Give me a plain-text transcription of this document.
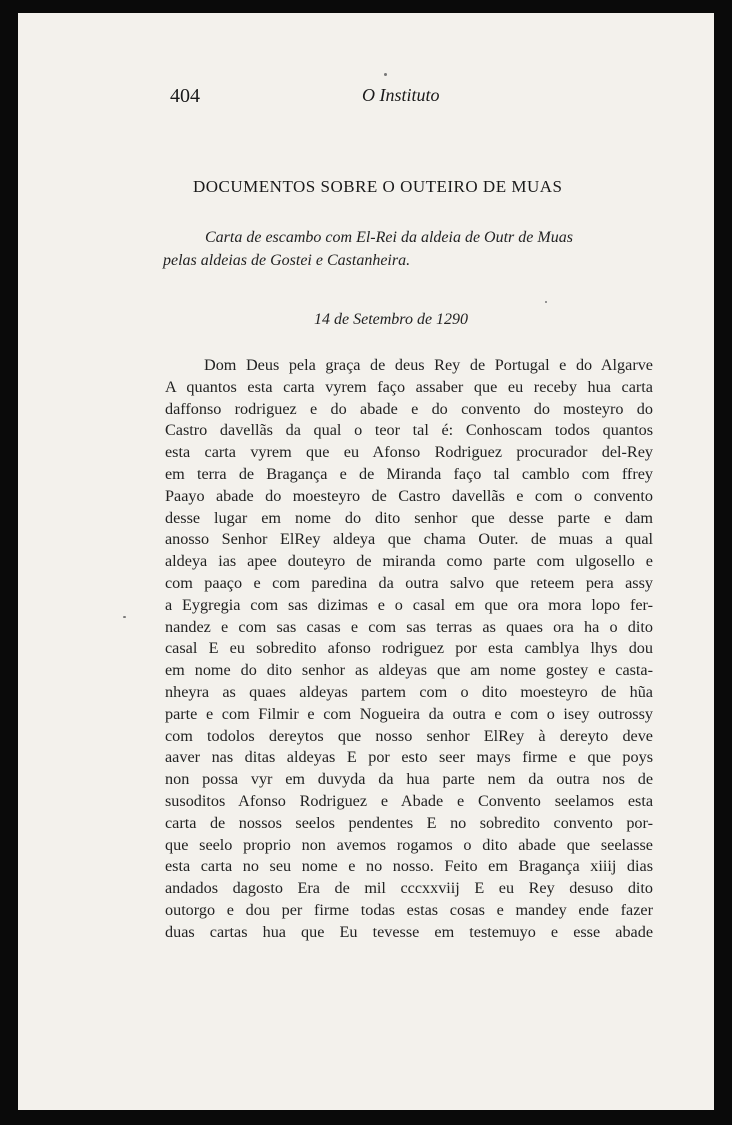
404	O Instituto
DOCUMENTOS SOBRE O OUTEIRO DE MUAS
Carta de escambo com El-Rei da aldeia de Outr de Muas
pelas aldeias de Gostei e Castanheira.
14 de Setembro de 1290
Dom Deus pela graça de deus Rey de Portugal e do Algarve
A quantos esta carta vyrem faço assaber que eu receby hua carta
daffonso rodriguez e do abade e do convento do mosteyro do
Castro davellãs da qual o teor tal é: Conhoscam todos quantos
esta carta vyrem que eu Afonso Rodriguez procurador del-Rey
em terra de Bragança e de Miranda faço tal camblo com ffrey
Paayo abade do moesteyro de Castro davellãs e com o convento
desse lugar em nome do dito senhor que desse parte e dam
anosso Senhor ElRey aldeya que chama Outer. de muas a qual
aldeya ias apee douteyro de miranda como parte com ulgosello e
com paaço e com paredina da outra salvo que reteem pera assy
a Eygregia com sas dizimas e o casal em que ora mora lopo fer-
nandez e com sas casas e com sas terras as quaes ora ha o dito
casal E eu sobredito afonso rodriguez por esta camblya lhys dou
em nome do dito senhor as aldeyas que am nome gostey e casta-
nheyra as quaes aldeyas partem com o dito moesteyro de hũa
parte e com Filmir e com Nogueira da outra e com o isey outrossy
com todolos dereytos que nosso senhor ElRey à dereyto deve
aaver nas ditas aldeyas E por esto seer mays firme e que poys
non possa vyr em duvyda da hua parte nem da outra nos de
susoditos Afonso Rodriguez e Abade e Convento seelamos esta
carta de nossos seelos pendentes E no sobredito convento por-
que seelo proprio non avemos rogamos o dito abade que seelasse
esta carta no seu nome e no nosso. Feito em Bragança xiiij dias
andados dagosto Era de mil cccxxviij E eu Rey desuso dito
outorgo e dou per firme todas estas cosas e mandey ende fazer
duas cartas hua que Eu tevesse em testemuyo e esse abade
